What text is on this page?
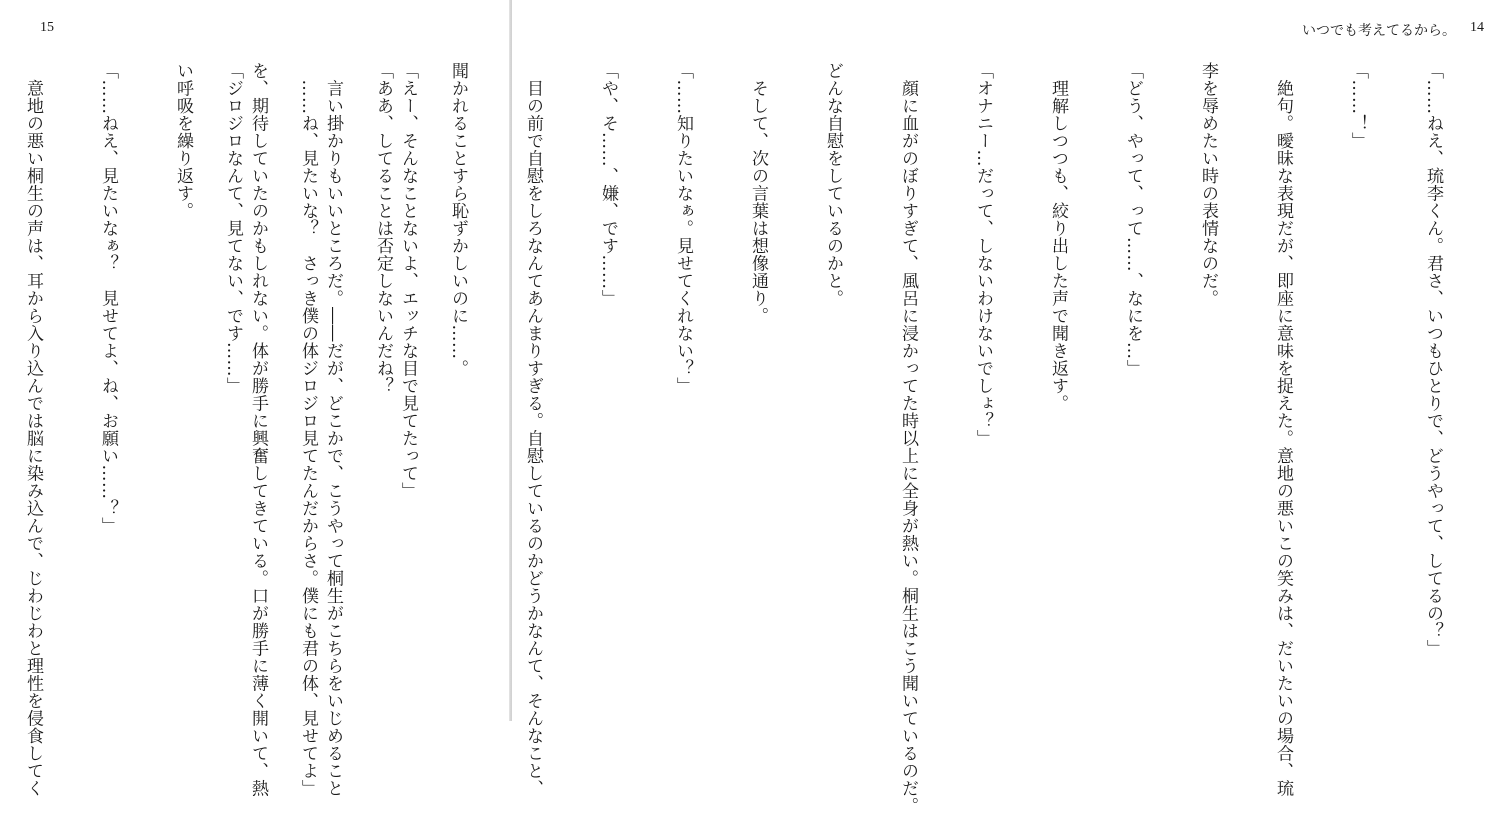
15

「えー、そんなことないよ、エッチな目で見てたって」

　言い掛かりもいいところだ。――だが、どこかで、こうやって桐生がこちらをいじめること

を、期待していたのかもしれない。体が勝手に興奮してきている。口が勝手に薄く開いて、熱

い呼吸を繰り返す。

「……ねえ、見たいなぁ？　見せてよ、ね、お願い……？」

　意地の悪い桐生の声は、耳から入り込んでは脳に染み込んで、じわじわと理性を侵食してく

いつでも考えてるから。 14

「……ねえ、琉李くん。君さ、いつもひとりで、どうやって、してるの？」

「……！」

　絶句。曖昧な表現だが、即座に意味を捉えた。意地の悪いこの笑みは、だいたいの場合、琉

李を辱めたい時の表情なのだ。

「どう、やって、って……、なにを…」

　理解しつつも、絞り出した声で聞き返す。

「オナニー…だって、しないわけないでしょ？」

　顔に血がのぼりすぎて、風呂に浸かってた時以上に全身が熱い。桐生はこう聞いているのだ。

どんな自慰をしているのかと。

　そして、次の言葉は想像通り。

「……知りたいなぁ。見せてくれない？」

「や、そ……、嫌、です……」

　目の前で自慰をしろなんてあんまりすぎる。自慰しているのかどうかなんて、そんなこと、

聞かれることすら恥ずかしいのに……。

「ああ、してることは否定しないんだね？

　……ね、見たいな？　さっき僕の体ジロジロ見てたんだからさ。僕にも君の体、見せてよ」

「ジロジロなんて、見てない、です……」
